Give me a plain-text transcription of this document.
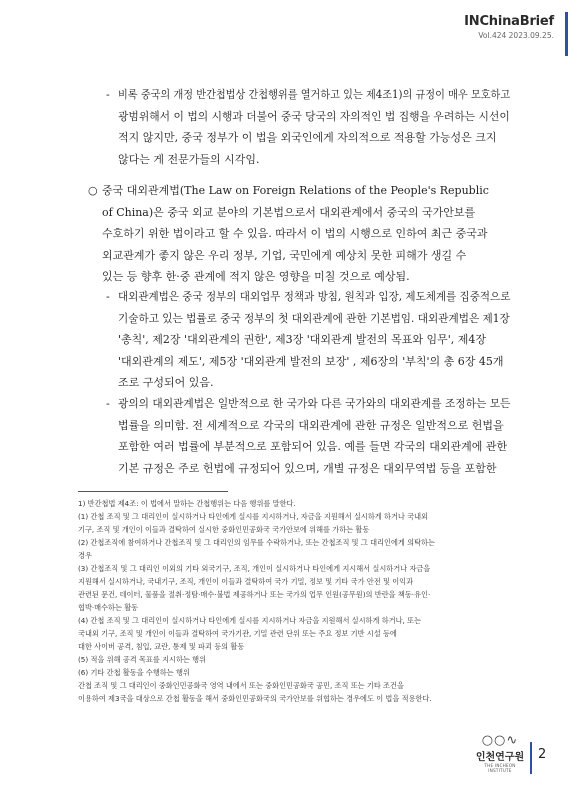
INChinaBrief
Vol.424 2023.09.25.
- 비록 중국의 개정 반간첩법상 간첩행위를 열거하고 있는 제4조1)의 규정이 매우 모호하고
광범위해서 이 법의 시행과 더불어 중국 당국의 자의적인 법 집행을 우려하는 시선이
적지 않지만, 중국 정부가 이 법을 외국인에게 자의적으로 적용할 가능성은 크지
않다는 게 전문가들의 시각임.
○ 중국 대외관계법(The Law on Foreign Relations of the People's Republic
of China)은 중국 외교 분야의 기본법으로서 대외관계에서 중국의 국가안보를
수호하기 위한 법이라고 할 수 있음. 따라서 이 법의 시행으로 인하여 최근 중국과
외교관계가 좋지 않은 우리 정부, 기업, 국민에게 예상치 못한 피해가 생길 수
있는 등 향후 한·중 관계에 적지 않은 영향을 미칠 것으로 예상됨.
- 대외관계법은 중국 정부의 대외업무 정책과 방침, 원칙과 입장, 제도체계를 집중적으로
기술하고 있는 법률로 중국 정부의 첫 대외관계에 관한 기본법임. 대외관계법은 제1장
'총칙', 제2장 '대외관계의 권한', 제3장 '대외관계 발전의 목표와 임무', 제4장
'대외관계의 제도', 제5장 '대외관계 발전의 보장' , 제6장의 '부칙'의 총 6장 45개
조로 구성되어 있음.
- 광의의 대외관계법은 일반적으로 한 국가와 다른 국가와의 대외관계를 조정하는 모든
법률을 의미함. 전 세계적으로 각국의 대외관계에 관한 규정은 일반적으로 헌법을
포함한 여러 법률에 부분적으로 포함되어 있음. 예를 들면 각국의 대외관계에 관한
기본 규정은 주로 헌법에 규정되어 있으며, 개별 규정은 대외무역법 등을 포함한
1) 반간첩법 제4조: 이 법에서 말하는 간첩행위는 다음 행위를 말한다.
(1) 간첩 조직 및 그 대리인이 실시하거나 타인에게 실시를 지시하거나, 자금을 지원해서 실시하게 하거나 국내외
기구, 조직 및 개인이 이들과 결탁하여 실시한 중화인민공화국 국가안보에 위해를 가하는 활동
(2) 간첩조직에 참여하거나 간첩조직 및 그 대리인의 임무를 수락하거나, 또는 간첩조직 및 그 대리인에게 의탁하는
경우
(3) 간첩조직 및 그 대리인 이외의 기타 외국기구, 조직, 개인이 실시하거나 타인에게 지시해서 실시하거나 자금을
지원해서 실시하거나, 국내기구, 조직, 개인이 이들과 결탁하여 국가 기밀, 정보 및 기타 국가 안전 및 이익과
관련된 문건, 데이터, 물품을 절취·정탐·매수·불법 제공하거나 또는 국가의 업무 인원(공무원)의 반란을 책동·유인·
협박·매수하는 활동
(4) 간첩 조직 및 그 대리인이 실시하거나 타인에게 실시를 지시하거나 자금을 지원해서 실시하게 하거나, 또는
국내외 기구, 조직 및 개인이 이들과 결탁하여 국가기관, 기밀 관련 단위 또는 주요 정보 기반 시설 등에
대한 사이버 공격, 침입, 교란, 통제 및 파괴 등의 활동
(5) 적을 위해 공격 목표를 지시하는 행위
(6) 기타 간첩 활동을 수행하는 행위
간첩 조직 및 그 대리인이 중화인민공화국 영역 내에서 또는 중화인민공화국 공민, 조직 또는 기타 조건을
이용하여 제3국을 대상으로 간첩 활동을 해서 중화인민공화국의 국가안보를 위협하는 경우에도 이 법을 적용한다.
○○∿
인천연구원
THE INCHEON INSTITUTE
2
